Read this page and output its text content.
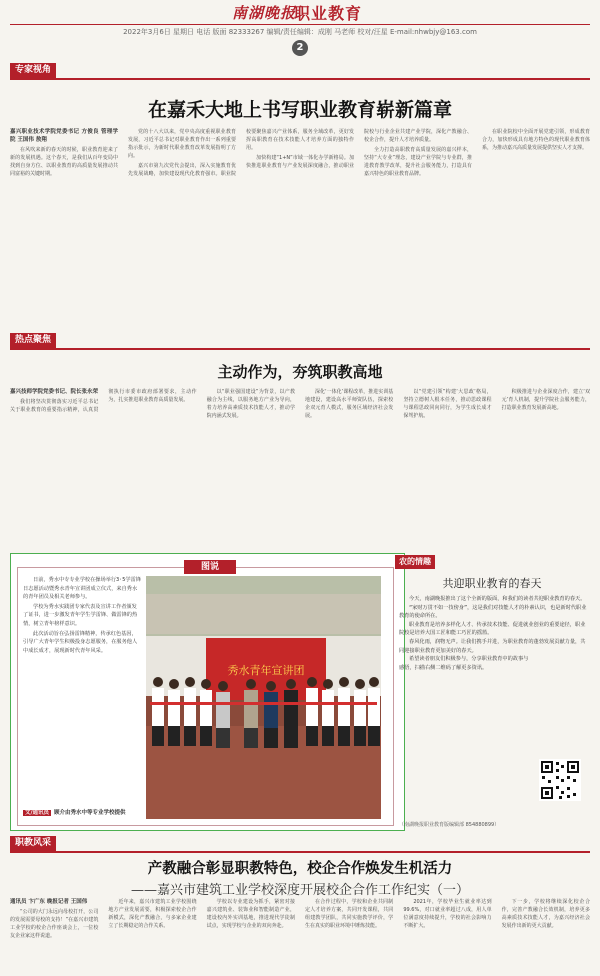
南湖晚报
职业教育
2022年3月6日 星期日 电话 版面 82333267 编辑/责任编辑：成刚 马老师 校对/汪星 E-mail:nhwbjy@163.com
2
专家视角
在嘉禾大地上书写职业教育崭新篇章

嘉兴职业技术学院党委书记 方俊良 管理学院 王国伟 敖翔

在风吹来新的春天的时候，职业教育迎来了新的发展机遇。这个春天，是我们从百年变局中找到自身方位、以职业教育的高质量发展推动共同富裕的关键时期。

党的十八大以来，党中央高度重视职业教育发展，习近平总书记对职业教育作出一系列重要指示批示，为新时代职业教育改革发展指明了方向。

嘉兴市第九次党代会提出，深入实施教育优先发展战略，加快建设现代化教育强市。职业院校要聚焦嘉兴产业体系，服务全域改革，更好发挥高职教育在技术技能人才培养方面的独特作用。

加快构建“1+N”市域一体化办学新格局。加快推进职业教育与产业发展深度融合，推动职业院校与行业企业共建产业学院，深化产教融合、校企合作，提升人才培养质量。

全力打造高职教育高质量发展的嘉兴样本，坚持“大专业”理念，建设产业学院与专业群，推进教育教学改革，提升社会服务能力，打造具有嘉兴特色的职业教育品牌。

在职业院校中全面开展党建引领，形成教育合力，加快形成具有地方特色的现代职业教育体系，为推动嘉兴高质量发展提供坚实人才支撑。

热点聚焦
主动作为，夯筑职教高地

嘉兴技师学院党委书记、院长张永荣

我们将坚决贯彻落实习近平总书记关于职业教育的重要指示精神，认真贯彻执行市委市政府部署要求，主动作为，扎实推进职业教育高质量发展。

以“职业强国建设”为背景，以产教融合为主线，以服务地方产业为导向，着力培养高素质技术技能人才，推动学院内涵式发展。

深化‘一体化’课程改革，推进实训基地建设，建设高水平师资队伍，探索校企双元育人模式，服务区域经济社会发展。

以“党建引领”构建‘大思政’格局，坚持立德树人根本任务，推动思政课程与课程思政同向同行，为学生成长成才保驾护航。

积极推进与企业深度合作，建立‘双元’育人机制，提升学院社会服务能力，打造职业教育发展新高地。

图说

日前，秀水中专专业学校在操场举行3·5学雷锋日志愿活动暨秀水青年宣讲团成立仪式，来自秀水的青年团员及相关老师参与。

学校为秀水实践团专家代表及宣讲工作者颁发了证书，进一步激发青年学生学雷锋、做雷锋的热情，树立青年榜样意识。

此次活动旨在弘扬雷锋精神，传承红色基因，引导广大青年学生积极投身志愿服务，在服务他人中成长成才，展现新时代青年风采。

文/通讯员 顾介由秀水中等专业学校提供
秀水青年宣讲团
农的情趣
共迎职业教育的春天

今天，南湖晚报推出了这个全新的版面，和我们的读者共迎职业教育的春天。

“家财万贯不如一技傍身”，这是我们对技能人才的朴素认识，也是新时代职业教育的使命所在。

职业教育是培养多样化人才、传承技术技能、促进就业创业的重要途径，职业院校是培养大国工匠和能工巧匠的摇篮。

春风化雨，润物无声。让我们携手并进，为职业教育的蓬勃发展贡献力量，共同迎接职业教育更加美好的春天。

希望读者朋友们积极参与，分享职业教育中的故事与感悟，扫描右侧二维码了解更多资讯。

（南湖晚报职业教育版编辑部 854880899）
职教风采
产教融合彰显职教特色，校企合作焕发生机活力
——嘉兴市建筑工业学校深度开展校企合作工作纪实（一）

通讯员 卞广东 晚报记者 王国伟

“公司的大门永远向母校打开，公司的发展需要母校的支持！”在嘉兴市建筑工业学校的校企合作座谈会上，一位校友企业家这样说道。

近年来，嘉兴市建筑工业学校围绕地方产业发展需要，积极探索校企合作新模式，深化产教融合，与多家企业建立了长期稳定的合作关系。

学校以专业建设为抓手，紧密对接嘉兴建筑业、装饰业和智能制造产业，建设校内外实训基地，推进现代学徒制试点，实现学校与企业的双向奔赴。

在合作过程中，学校和企业共同制定人才培养方案，共同开发课程，共同组建教学团队，共同实施教学评价，学生在真实的职业环境中锤炼技能。

2021年，学校毕业生就业率达到99.6%，对口就业率超过八成，用人单位满意度持续提升，学校的社会影响力不断扩大。

下一步，学校将继续深化校企合作，完善产教融合长效机制，培养更多高素质技术技能人才，为嘉兴经济社会发展作出新的更大贡献。
